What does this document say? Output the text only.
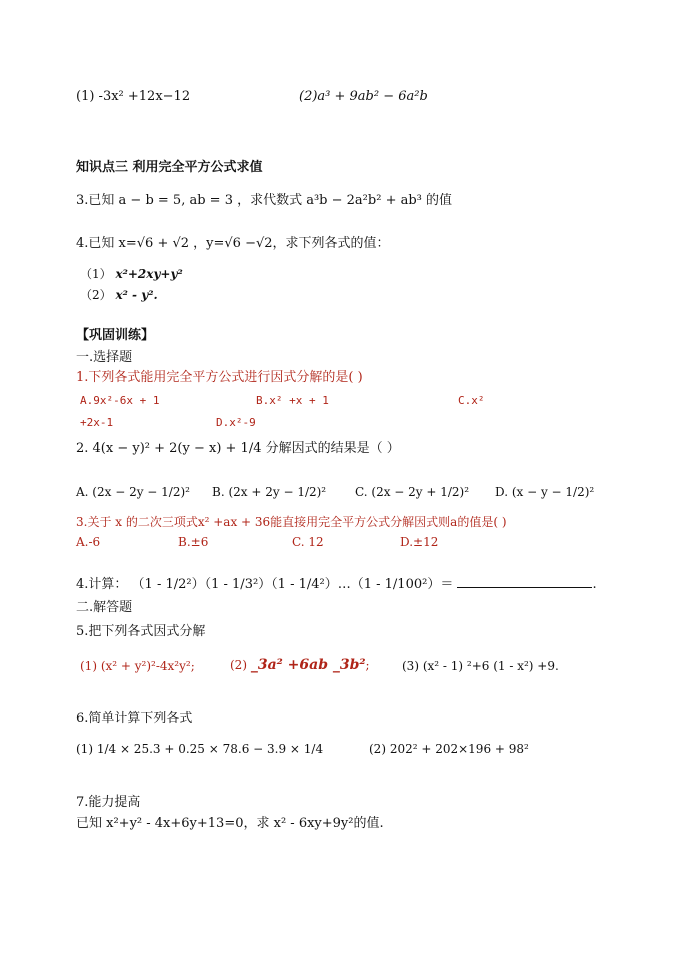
(1) -3x² +12x−12	(2)a³ + 9ab² − 6a²b
知识点三 利用完全平方公式求值
3.已知 a − b = 5, ab = 3 ，求代数式 a³b − 2a²b² + ab³ 的值
4.已知 x=√6 + √2 ，y=√6 −√2，求下列各式的值：
（1） x²+2xy+y²
（2） x² - y².
【巩固训练】
一.选择题
1.下列各式能用完全平方公式进行因式分解的是( )
A.9x²-6x + 1	B.x² +x + 1	C.x²
+2x-1	D.x²-9
2. 4(x − y)² + 2(y − x) + 1/4 分解因式的结果是（ ）
A. (2x − 2y − 1/2)² B. (2x + 2y − 1/2)² C. (2x − 2y + 1/2)² D. (x − y − 1/2)²
3.关于 x 的二次三项式x² +ax + 36能直接用完全平方公式分解因式则a的值是( )
A.-6	B.±6	C. 12	D.±12
4.计算： （1 - 1/2²）（1 - 1/3²）（1 - 1/4²）…（1 - 1/100²）＝	.
二.解答题
5.把下列各式因式分解
(1) (x² + y²)²-4x²y²;	(2) _3a² +6ab _3b²;	(3) (x² - 1) ²+6 (1 - x²) +9.
6.简单计算下列各式
(1) 1/4 × 25.3 + 0.25 × 78.6 − 3.9 × 1/4	(2) 202² + 202×196 + 98²
7.能力提高
已知 x²+y² - 4x+6y+13=0，求 x² - 6xy+9y²的值.
